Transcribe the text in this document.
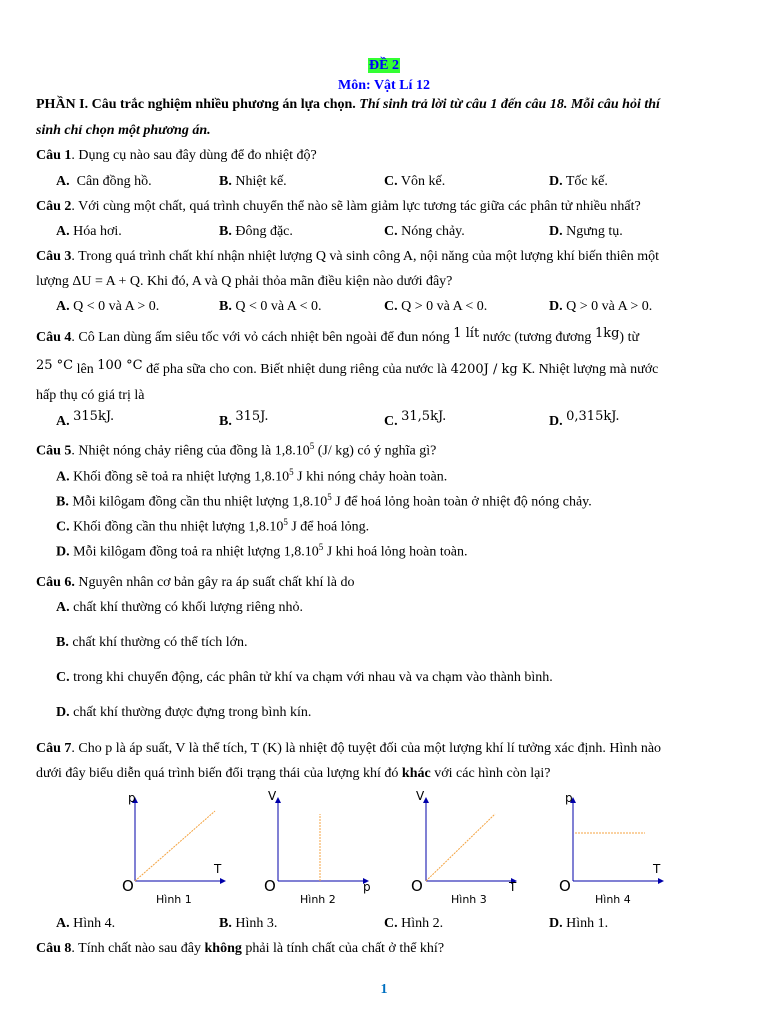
ĐỀ 2
Môn: Vật Lí 12
PHẦN I. Câu trắc nghiệm nhiều phương án lựa chọn. Thí sinh trả lời từ câu 1 đến câu 18. Mỗi câu hỏi thí
sinh chỉ chọn một phương án.
Câu 1. Dụng cụ nào sau đây dùng để đo nhiệt độ?
A. Cân đồng hồ.	B. Nhiệt kế.	C. Vôn kế.	D. Tốc kế.
Câu 2. Với cùng một chất, quá trình chuyển thể nào sẽ làm giảm lực tương tác giữa các phân tử nhiều nhất?
A. Hóa hơi.	B. Đông đặc.	C. Nóng chảy.	D. Ngưng tụ.
Câu 3. Trong quá trình chất khí nhận nhiệt lượng Q và sinh công A, nội năng của một lượng khí biến thiên một
lượng ΔU = A + Q. Khi đó, A và Q phải thỏa mãn điều kiện nào dưới đây?
A. Q < 0 và A > 0.	B. Q < 0 và A < 0.	C. Q > 0 và A < 0.	D. Q > 0 và A > 0.
Câu 4. Cô Lan dùng ấm siêu tốc với vỏ cách nhiệt bên ngoài để đun nóng 1 lít nước (tương đương 1kg) từ
25 °C lên 100 °C để pha sữa cho con. Biết nhiệt dung riêng của nước là 4200J / kg K. Nhiệt lượng mà nước
hấp thụ có giá trị là
A. 315kJ.	B. 315J.	C. 31,5kJ.	D. 0,315kJ.
Câu 5. Nhiệt nóng chảy riêng của đồng là 1,8.10$^5$ (J/ kg) có ý nghĩa gì?
A. Khối đồng sẽ toả ra nhiệt lượng 1,8.10$^5$ J khi nóng chảy hoàn toàn.
B. Mỗi kilôgam đồng cần thu nhiệt lượng 1,8.10$^5$ J để hoá lỏng hoàn toàn ở nhiệt độ nóng chảy.
C. Khối đồng cần thu nhiệt lượng 1,8.10$^5$ J để hoá lỏng.
D. Mỗi kilôgam đồng toả ra nhiệt lượng 1,8.10$^5$ J khi hoá lỏng hoàn toàn.
Câu 6. Nguyên nhân cơ bản gây ra áp suất chất khí là do
A. chất khí thường có khối lượng riêng nhỏ.
B. chất khí thường có thể tích lớn.
C. trong khi chuyển động, các phân tử khí va chạm với nhau và va chạm vào thành bình.
D. chất khí thường được đựng trong bình kín.
Câu 7. Cho p là áp suất, V là thể tích, T (K) là nhiệt độ tuyệt đối của một lượng khí lí tưởng xác định. Hình nào
dưới đây biểu diễn quá trình biến đổi trạng thái của lượng khí đó khác với các hình còn lại?
p
T
O
Hình 1
V
p
O
Hình 2
V
T
O
Hình 3
p
T
O
Hình 4
A. Hình 4.	B. Hình 3.	C. Hình 2.	D. Hình 1.
Câu 8. Tính chất nào sau đây không phải là tính chất của chất ở thể khí?
1
